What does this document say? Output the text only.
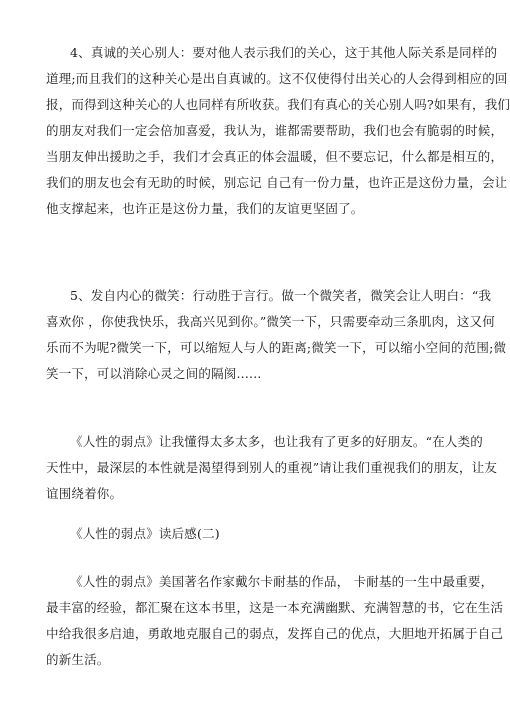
4、真诚的关心别人：要对他人表示我们的关心，这于其他人际关系是同样的
道理;而且我们的这种关心是出自真诚的。这不仅使得付出关心的人会得到相应的回
报，而得到这种关心的人也同样有所收获。我们有真心的关心别人吗?如果有，我们
的朋友对我们一定会倍加喜爱，我认为，谁都需要帮助，我们也会有脆弱的时候，
当朋友伸出援助之手，我们才会真正的体会温暖，但不要忘记，什么都是相互的，
我们的朋友也会有无助的时候，别忘记 自己有一份力量，也许正是这份力量，会让
他支撑起来，也许正是这份力量，我们的友谊更坚固了。
5、发自内心的微笑：行动胜于言行。做一个微笑者，微笑会让人明白：“我
喜欢你 ，你使我快乐，我高兴见到你。”微笑一下，只需要牵动三条肌肉，这又何
乐而不为呢?微笑一下，可以缩短人与人的距离;微笑一下，可以缩小空间的范围;微
笑一下，可以消除心灵之间的隔阂......
《人性的弱点》让我懂得太多太多，也让我有了更多的好朋友。“在人类的
天性中，最深层的本性就是渴望得到别人的重视”请让我们重视我们的朋友，让友
谊围绕着你。
《人性的弱点》读后感(二)
《人性的弱点》美国著名作家戴尔卡耐基的作品， 卡耐基的一生中最重要，
最丰富的经验，都汇聚在这本书里，这是一本充满幽默、充满智慧的书，它在生活
中给我很多启迪，勇敢地克服自己的弱点，发挥自己的优点，大胆地开拓属于自己
的新生活。
